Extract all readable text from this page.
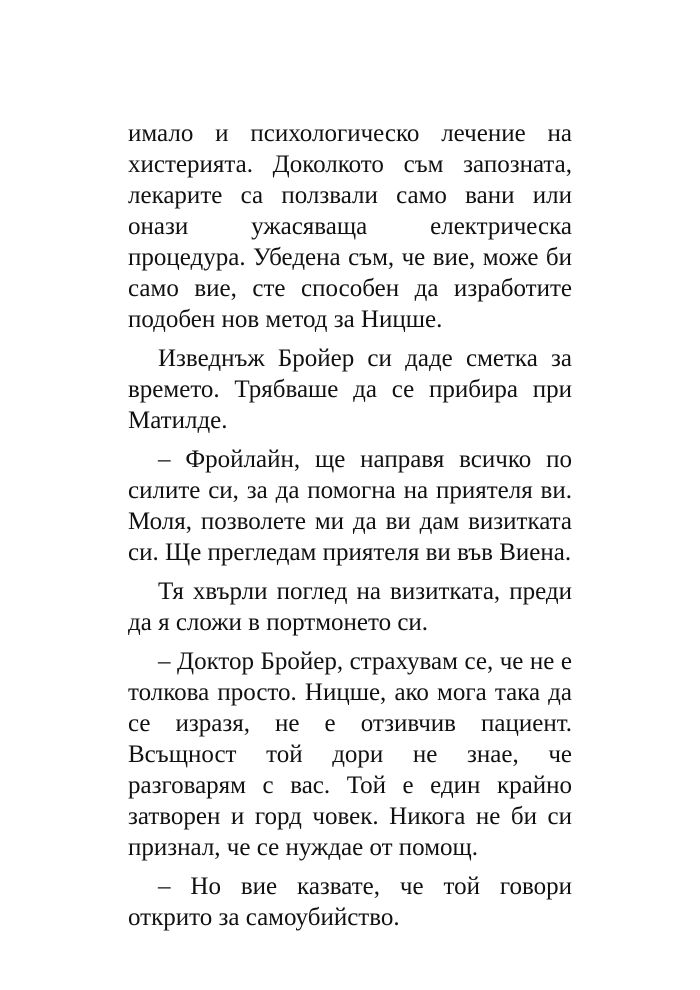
имало и психологическо лечение на
хистерията. Доколкото съм запозната,
лекарите са ползвали само вани или
онази ужасяваща електрическа
процедура. Убедена съм, че вие, може би
само вие, сте способен да изработите
подобен нов метод за Ницше.

Изведнъж Бройер си даде сметка за
времето. Трябваше да се прибира при
Матилде.

– Фройлайн, ще направя всичко по
силите си, за да помогна на приятеля ви.
Моля, позволете ми да ви дам визитката
си. Ще прегледам приятеля ви във Виена.

Тя хвърли поглед на визитката, преди
да я сложи в портмонето си.

– Доктор Бройер, страхувам се, че не е
толкова просто. Ницше, ако мога така да
се изразя, не е отзивчив пациент.
Всъщност той дори не знае, че
разговарям с вас. Той е един крайно
затворен и горд човек. Никога не би си
признал, че се нуждае от помощ.

– Но вие казвате, че той говори
открито за самоубийство.
